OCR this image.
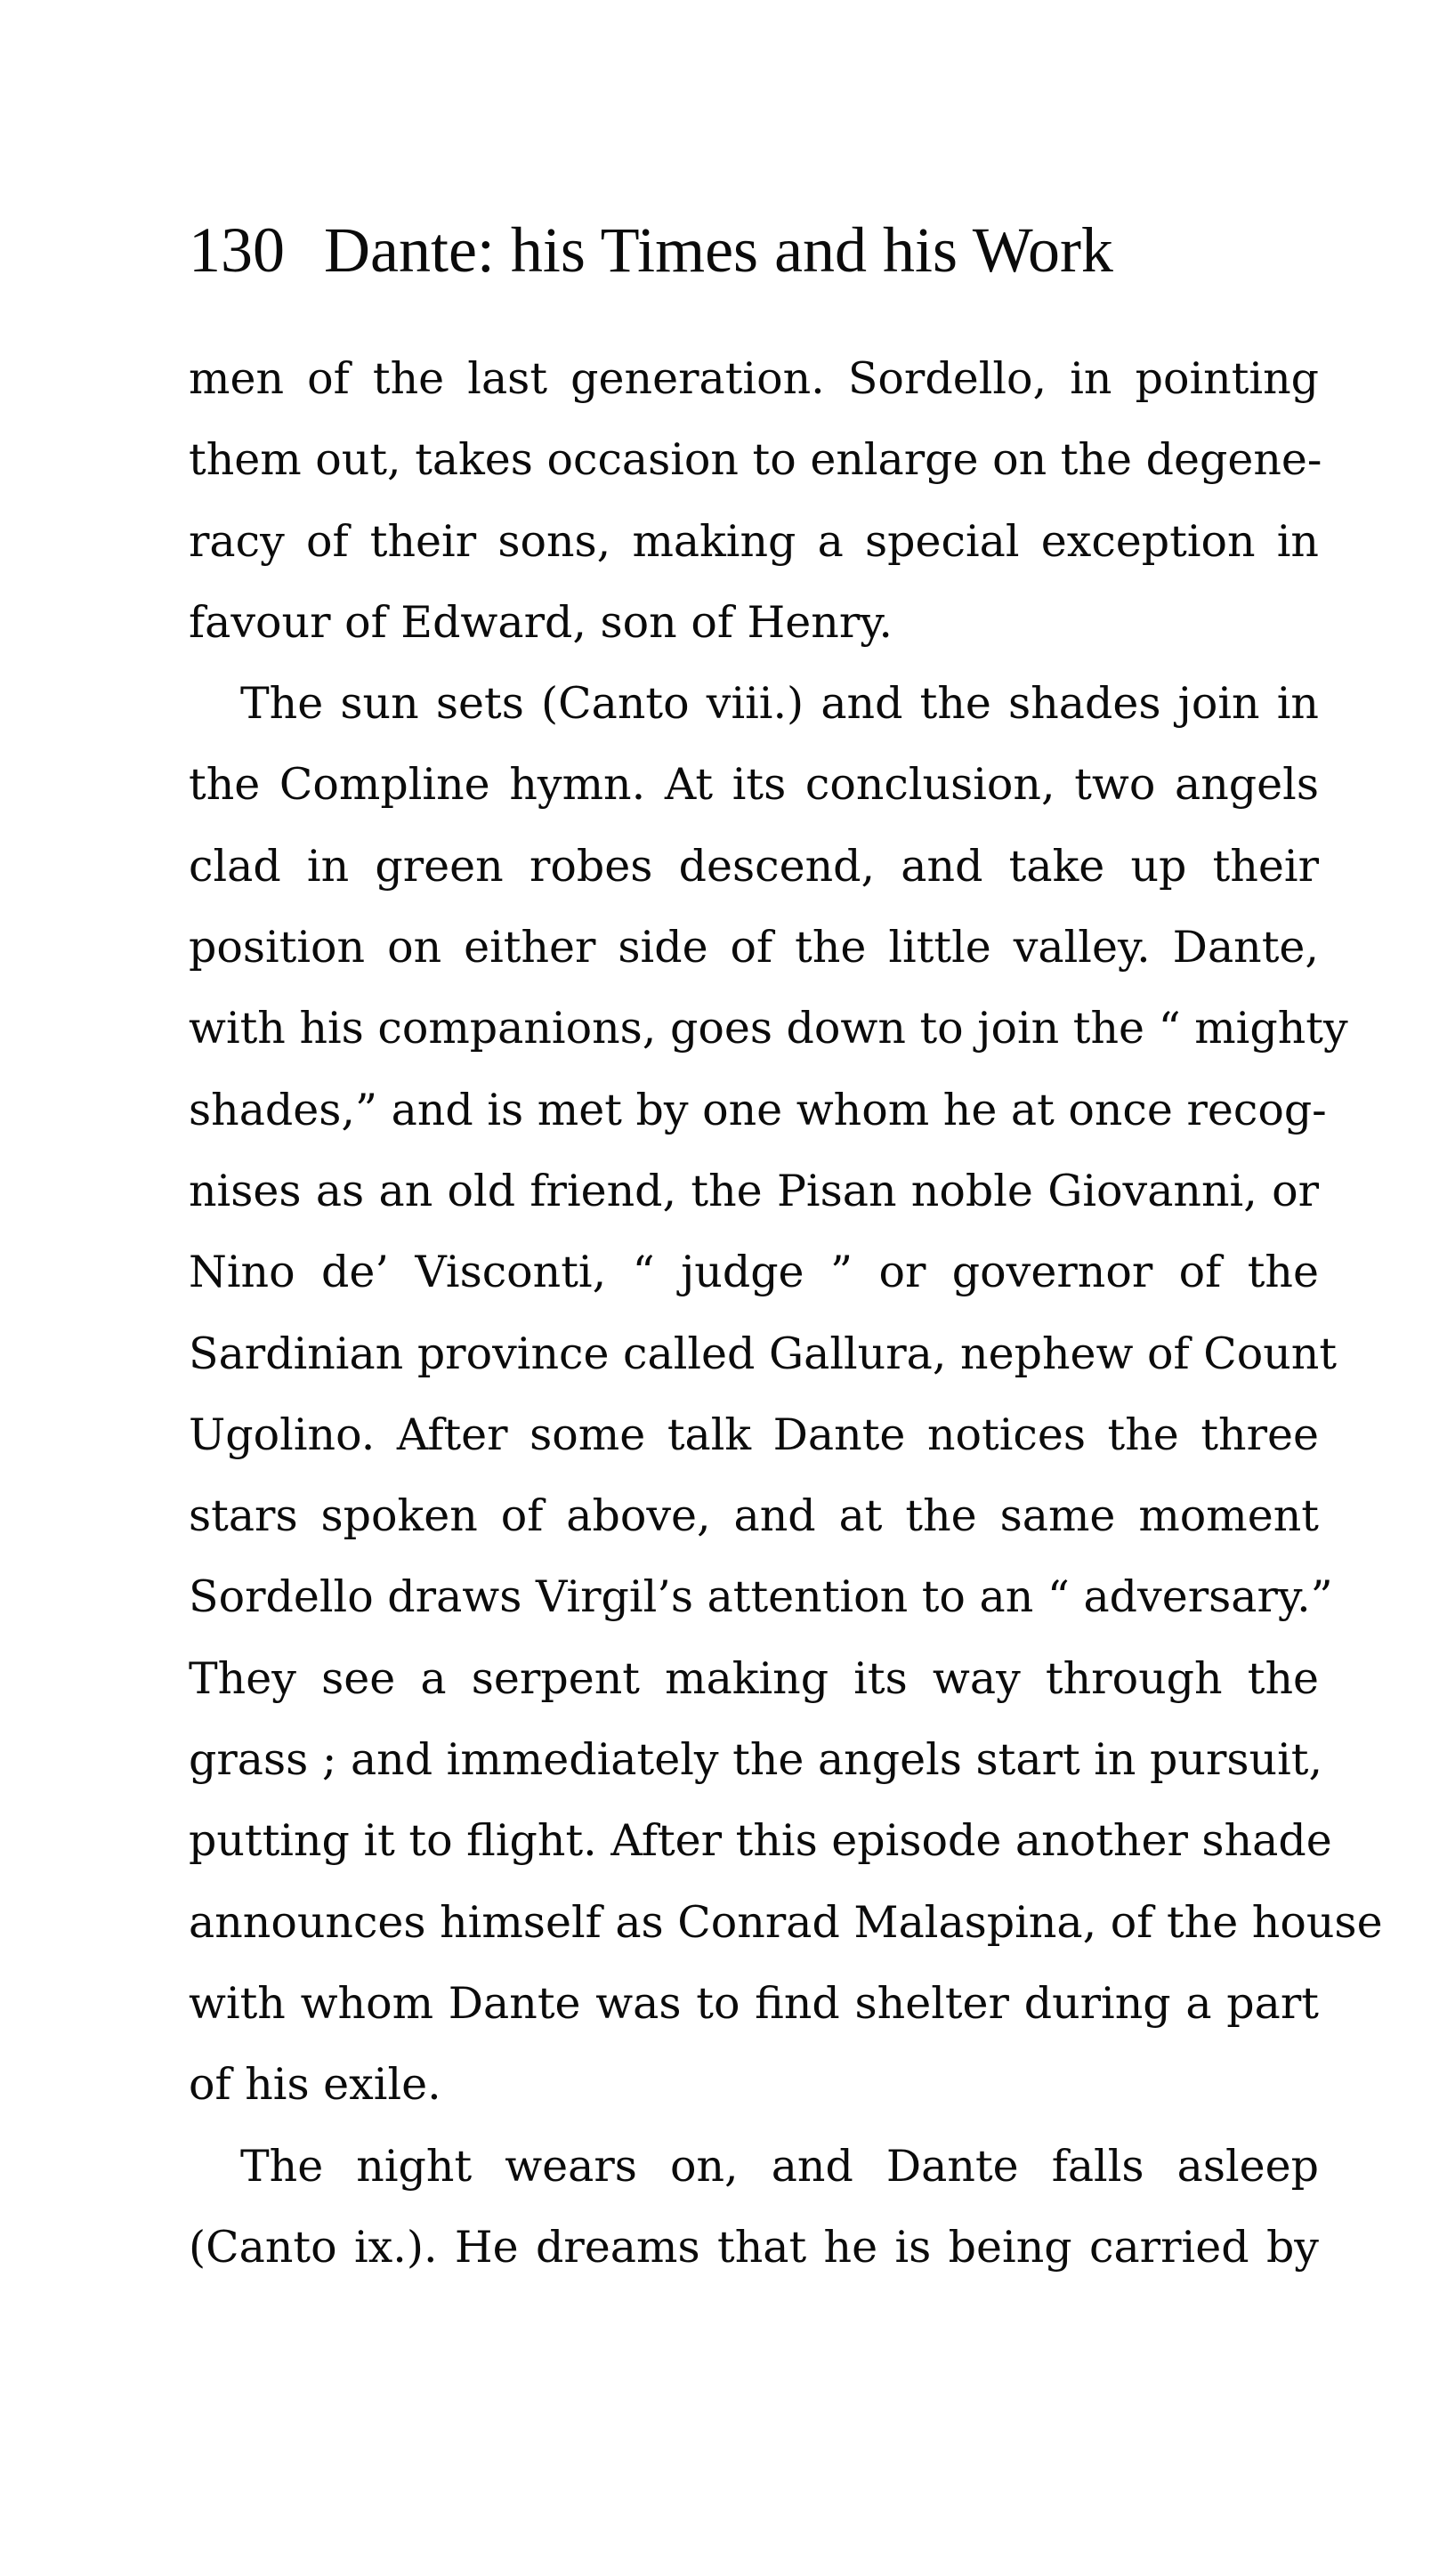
130 Dante: his Times and his Work
men of the last generation. Sordello, in pointing
them out, takes occasion to enlarge on the degene-
racy of their sons, making a special exception in
favour of Edward, son of Henry.
The sun sets (Canto viii.) and the shades join in
the Compline hymn. At its conclusion, two angels
clad in green robes descend, and take up their
position on either side of the little valley. Dante,
with his companions, goes down to join the “ mighty
shades,” and is met by one whom he at once recog-
nises as an old friend, the Pisan noble Giovanni, or
Nino de’ Visconti, “ judge ” or governor of the
Sardinian province called Gallura, nephew of Count
Ugolino. After some talk Dante notices the three
stars spoken of above, and at the same moment
Sordello draws Virgil’s attention to an “ adversary.”
They see a serpent making its way through the
grass ; and immediately the angels start in pursuit,
putting it to flight. After this episode another shade
announces himself as Conrad Malaspina, of the house
with whom Dante was to find shelter during a part
of his exile.
The night wears on, and Dante falls asleep
(Canto ix.). He dreams that he is being carried by
